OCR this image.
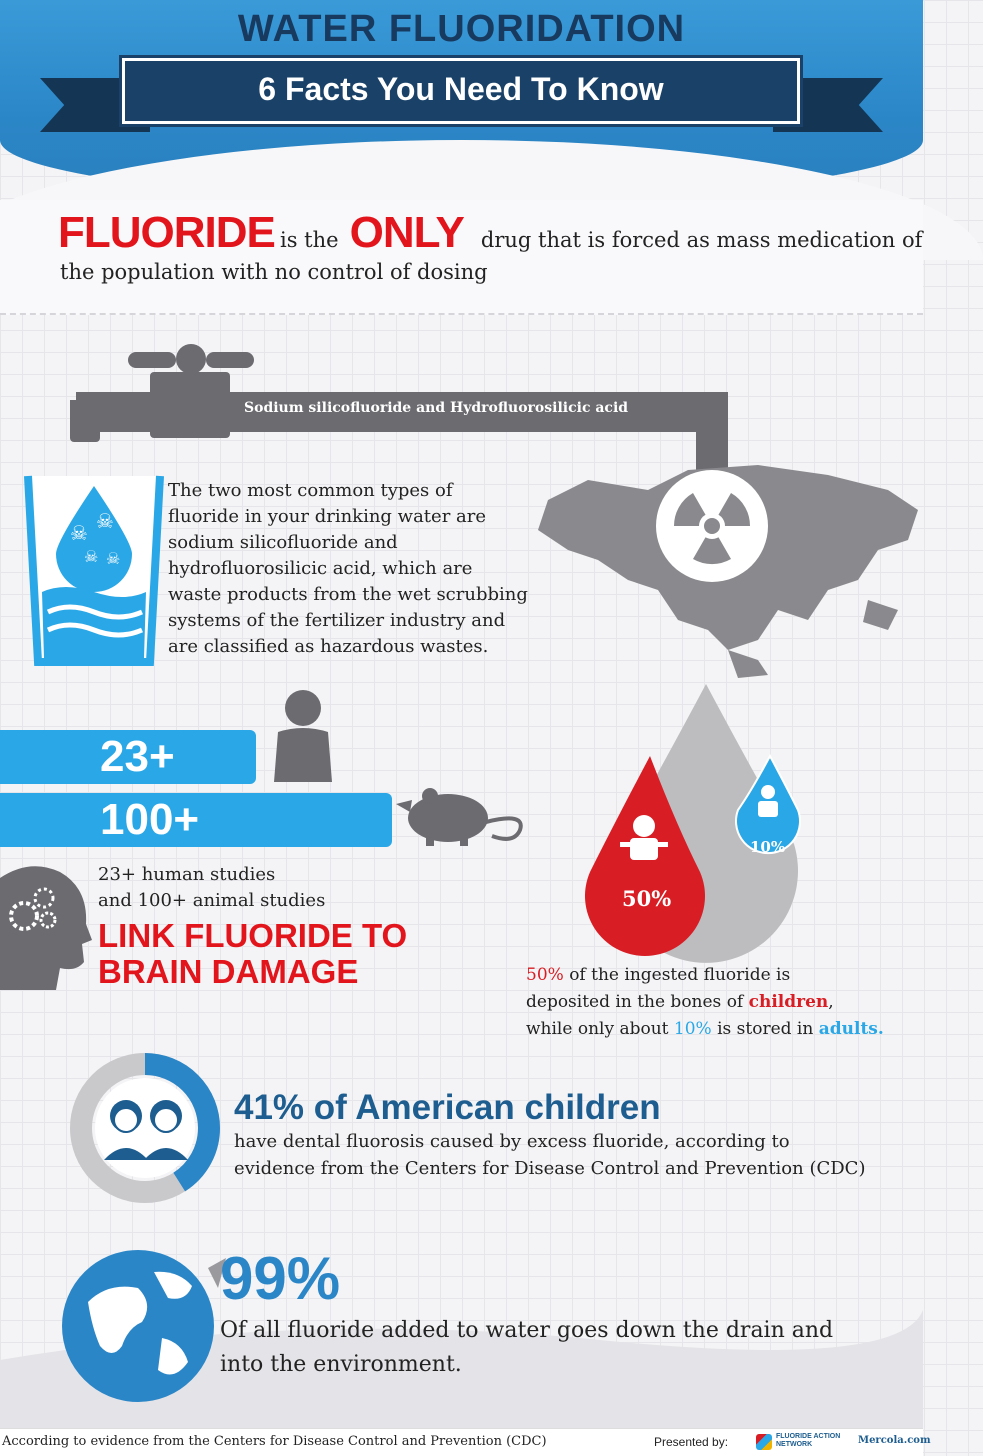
WATER FLUORIDATION
6 Facts You Need To Know
FLUORIDE is the ONLY drug that is forced as mass medication of
the population with no control of dosing
Sodium silicofluoride and Hydrofluorosilicic acid
☠ ☠
☠ ☠
The two most common types of
fluoride in your drinking water are
sodium silicofluoride and
hydrofluorosilicic acid, which are
waste products from the wet scrubbing
systems of the fertilizer industry and
are classified as hazardous wastes.
23+
100+
23+ human studies
and 100+ animal studies
LINK FLUORIDE TO
BRAIN DAMAGE
50%
10%
50% of the ingested fluoride is
deposited in the bones of children,
while only about 10% is stored in adults.
41% of American children
have dental fluorosis caused by excess fluoride, according to
evidence from the Centers for Disease Control and Prevention (CDC)
99%
Of all fluoride added to water goes down the drain and
into the environment.
According to evidence from the Centers for Disease Control and Prevention (CDC)	Presented by:	FLUORIDE ACTION NETWORK	Mercola.com
